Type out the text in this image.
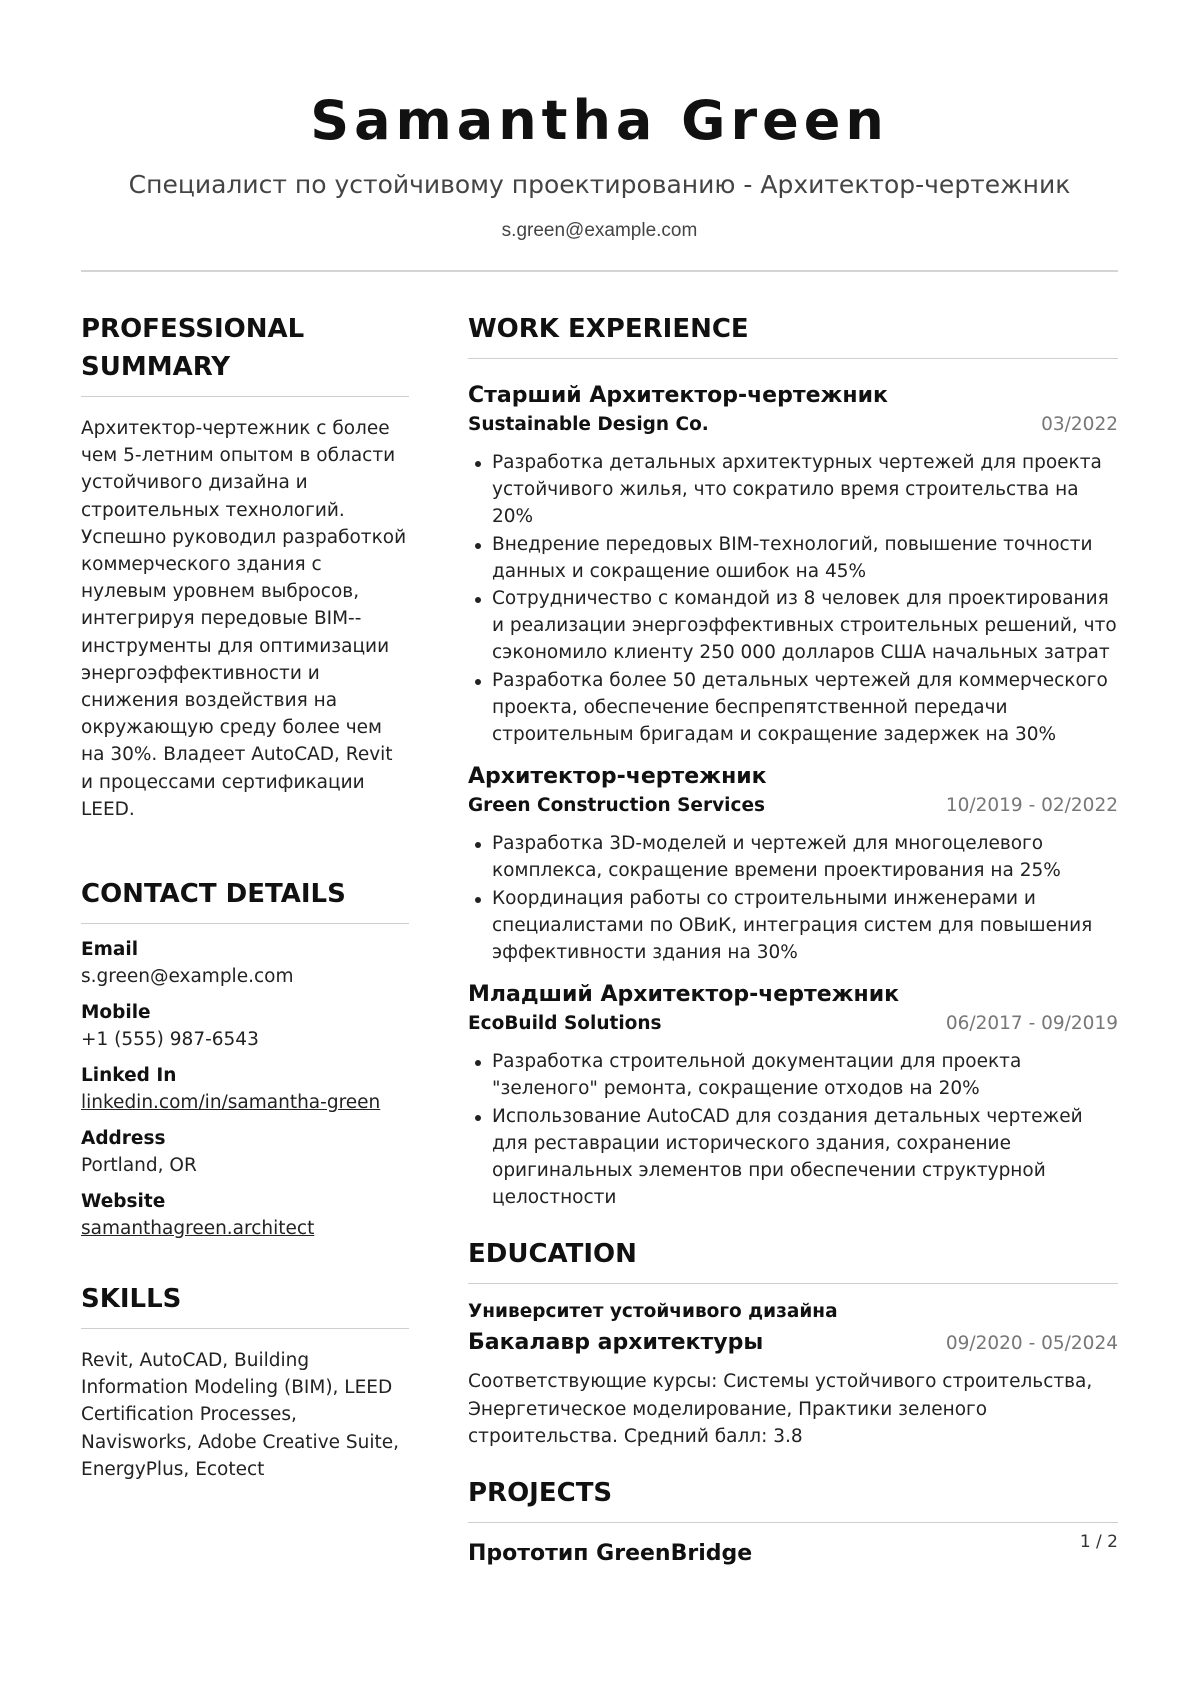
Samantha Green
Специалист по устойчивому проектированию - Архитектор-чертежник
s.green@example.com
PROFESSIONAL SUMMARY

Архитектор-чертежник с более чем 5-летним опытом в области устойчивого дизайна и строительных технологий. Успешно руководил разработкой коммерческого здания с нулевым уровнем выбросов, интегрируя передовые BIM-- инструменты для оптимизации энергоэффективности и снижения воздействия на окружающую среду более чем на 30%. Владеет AutoCAD, Revit и процессами сертификации LEED.

CONTACT DETAILS
Email
s.green@example.com
Mobile
+1 (555) 987-6543
Linked In
linkedin.com/in/samantha-green
Address
Portland, OR
Website
samanthagreen.architect
SKILLS

Revit, AutoCAD, Building Information Modeling (BIM), LEED Certification Processes, Navisworks, Adobe Creative Suite, EnergyPlus, Ecotect

WORK EXPERIENCE
Старший Архитектор-чертежник
Sustainable Design Co.	03/2022
Разработка детальных архитектурных чертежей для проекта устойчивого жилья, что сократило время строительства на 20%
Внедрение передовых BIM-технологий, повышение точности данных и сокращение ошибок на 45%
Сотрудничество с командой из 8 человек для проектирования и реализации энергоэффективных строительных решений, что сэкономило клиенту 250 000 долларов США начальных затрат
Разработка более 50 детальных чертежей для коммерческого проекта, обеспечение беспрепятственной передачи строительным бригадам и сокращение задержек на 30%
Архитектор-чертежник
Green Construction Services	10/2019 - 02/2022
Разработка 3D-моделей и чертежей для многоцелевого комплекса, сокращение времени проектирования на 25%
Координация работы со строительными инженерами и специалистами по ОВиК, интеграция систем для повышения эффективности здания на 30%
Младший Архитектор-чертежник
EcoBuild Solutions	06/2017 - 09/2019
Разработка строительной документации для проекта "зеленого" ремонта, сокращение отходов на 20%
Использование AutoCAD для создания детальных чертежей для реставрации исторического здания, сохранение оригинальных элементов при обеспечении структурной целостности
EDUCATION
Университет устойчивого дизайна
Бакалавр архитектуры	09/2020 - 05/2024

Соответствующие курсы: Системы устойчивого строительства, Энергетическое моделирование, Практики зеленого строительства. Средний балл: 3.8

PROJECTS
Прототип GreenBridge	1 / 2
